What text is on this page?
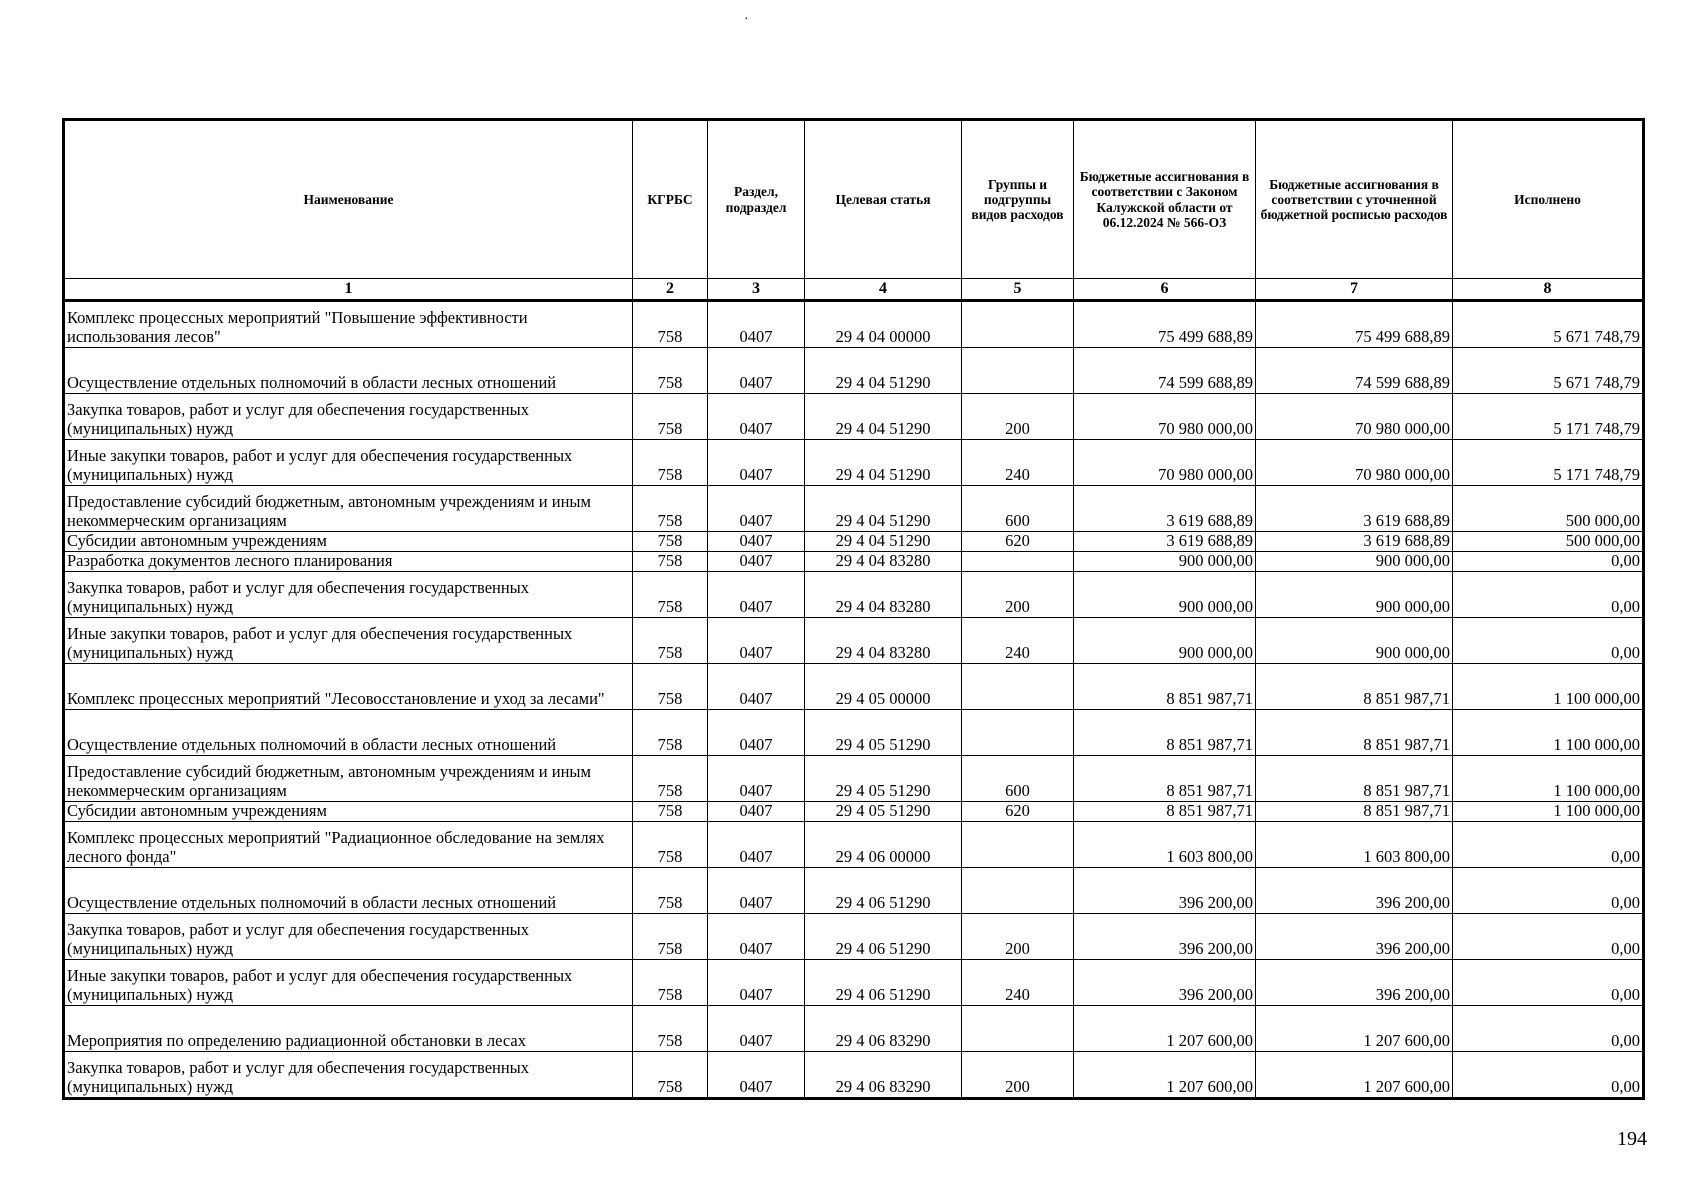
·
Наименование	КГРБС	Раздел, подраздел	Целевая статья	Группы и подгруппы видов расходов	Бюджетные ассигнования в соответствии с Законом Калужской области от 06.12.2024 № 566-ОЗ	Бюджетные ассигнования в соответствии с уточненной бюджетной росписью расходов	Исполнено
1	2	3	4	5	6	7	8
Комплекс процессных мероприятий "Повышение эффективности использования лесов"	758	0407	29 4 04 00000		75 499 688,89	75 499 688,89	5 671 748,79
Осуществление отдельных полномочий в области лесных отношений	758	0407	29 4 04 51290		74 599 688,89	74 599 688,89	5 671 748,79
Закупка товаров, работ и услуг для обеспечения государственных (муниципальных) нужд	758	0407	29 4 04 51290	200	70 980 000,00	70 980 000,00	5 171 748,79
Иные закупки товаров, работ и услуг для обеспечения государственных (муниципальных) нужд	758	0407	29 4 04 51290	240	70 980 000,00	70 980 000,00	5 171 748,79
Предоставление субсидий бюджетным, автономным учреждениям и иным некоммерческим организациям	758	0407	29 4 04 51290	600	3 619 688,89	3 619 688,89	500 000,00
Субсидии автономным учреждениям	758	0407	29 4 04 51290	620	3 619 688,89	3 619 688,89	500 000,00
Разработка документов лесного планирования	758	0407	29 4 04 83280		900 000,00	900 000,00	0,00
Закупка товаров, работ и услуг для обеспечения государственных (муниципальных) нужд	758	0407	29 4 04 83280	200	900 000,00	900 000,00	0,00
Иные закупки товаров, работ и услуг для обеспечения государственных (муниципальных) нужд	758	0407	29 4 04 83280	240	900 000,00	900 000,00	0,00
Комплекс процессных мероприятий "Лесовосстановление и уход за лесами"	758	0407	29 4 05 00000		8 851 987,71	8 851 987,71	1 100 000,00
Осуществление отдельных полномочий в области лесных отношений	758	0407	29 4 05 51290		8 851 987,71	8 851 987,71	1 100 000,00
Предоставление субсидий бюджетным, автономным учреждениям и иным некоммерческим организациям	758	0407	29 4 05 51290	600	8 851 987,71	8 851 987,71	1 100 000,00
Субсидии автономным учреждениям	758	0407	29 4 05 51290	620	8 851 987,71	8 851 987,71	1 100 000,00
Комплекс процессных мероприятий "Радиационное обследование на землях лесного фонда"	758	0407	29 4 06 00000		1 603 800,00	1 603 800,00	0,00
Осуществление отдельных полномочий в области лесных отношений	758	0407	29 4 06 51290		396 200,00	396 200,00	0,00
Закупка товаров, работ и услуг для обеспечения государственных (муниципальных) нужд	758	0407	29 4 06 51290	200	396 200,00	396 200,00	0,00
Иные закупки товаров, работ и услуг для обеспечения государственных (муниципальных) нужд	758	0407	29 4 06 51290	240	396 200,00	396 200,00	0,00
Мероприятия по определению радиационной обстановки в лесах	758	0407	29 4 06 83290		1 207 600,00	1 207 600,00	0,00
Закупка товаров, работ и услуг для обеспечения государственных (муниципальных) нужд	758	0407	29 4 06 83290	200	1 207 600,00	1 207 600,00	0,00
194
